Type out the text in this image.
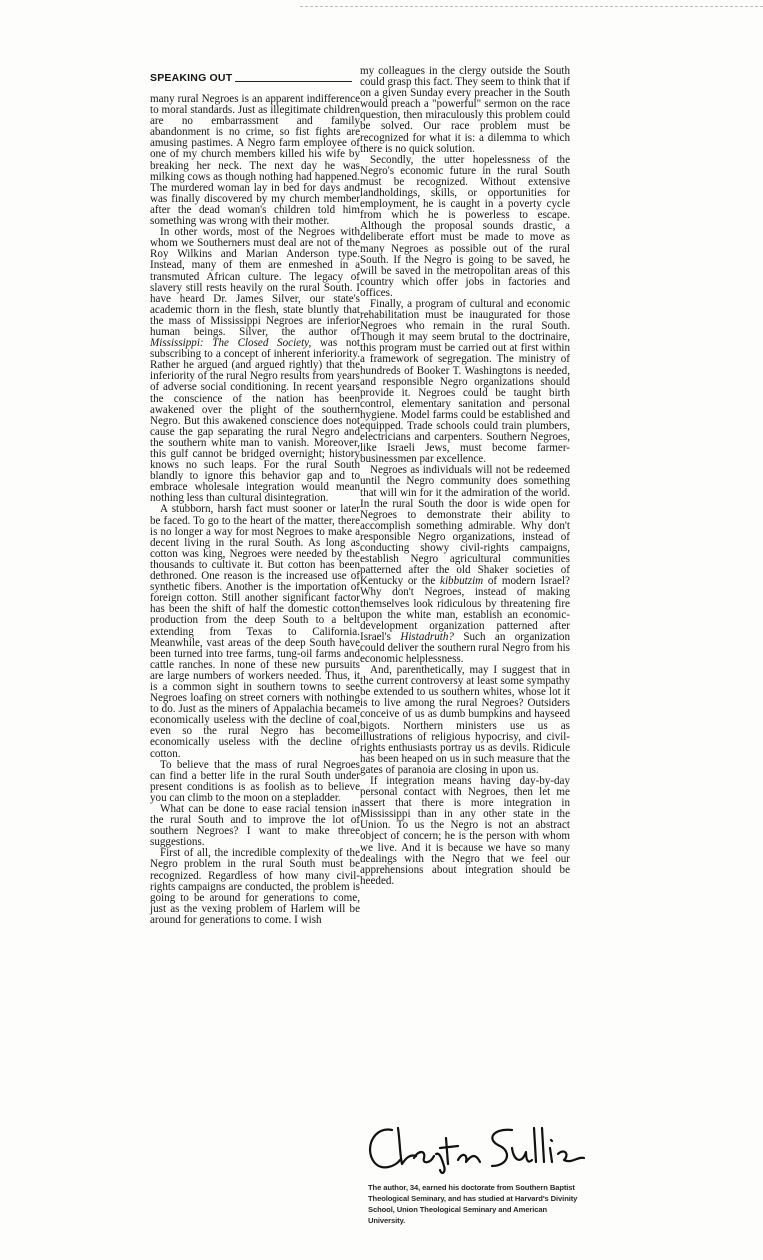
SPEAKING OUT

many rural Negroes is an apparent indifference to moral standards. Just as illegitimate children are no embarrassment and family abandonment is no crime, so fist fights are amusing pastimes. A Negro farm employee of one of my church members killed his wife by breaking her neck. The next day he was milking cows as though nothing had happened. The murdered woman lay in bed for days and was finally discovered by my church member after the dead woman's children told him something was wrong with their mother.

In other words, most of the Negroes with whom we Southerners must deal are not of the Roy Wilkins and Marian Anderson type. Instead, many of them are enmeshed in a transmuted African culture. The legacy of slavery still rests heavily on the rural South. I have heard Dr. James Silver, our state's academic thorn in the flesh, state bluntly that the mass of Mississippi Negroes are inferior human beings. Silver, the author of Mississippi: The Closed Society, was not subscribing to a concept of inherent inferiority. Rather he argued (and argued rightly) that the inferiority of the rural Negro results from years of adverse social conditioning. In recent years the conscience of the nation has been awakened over the plight of the southern Negro. But this awakened conscience does not cause the gap separating the rural Negro and the southern white man to vanish. Moreover, this gulf cannot be bridged overnight; history knows no such leaps. For the rural South blandly to ignore this behavior gap and to embrace wholesale integration would mean nothing less than cultural disintegration.

A stubborn, harsh fact must sooner or later be faced. To go to the heart of the matter, there is no longer a way for most Negroes to make a decent living in the rural South. As long as cotton was king, Negroes were needed by the thousands to cultivate it. But cotton has been dethroned. One reason is the increased use of synthetic fibers. Another is the importation of foreign cotton. Still another significant factor has been the shift of half the domestic cotton production from the deep South to a belt extending from Texas to California. Meanwhile, vast areas of the deep South have been turned into tree farms, tung-oil farms and cattle ranches. In none of these new pursuits are large numbers of workers needed. Thus, it is a common sight in southern towns to see Negroes loafing on street corners with nothing to do. Just as the miners of Appalachia became economically useless with the decline of coal, even so the rural Negro has become economically useless with the decline of cotton.

To believe that the mass of rural Negroes can find a better life in the rural South under present conditions is as foolish as to believe you can climb to the moon on a stepladder.

What can be done to ease racial tension in the rural South and to improve the lot of southern Negroes? I want to make three suggestions.

First of all, the incredible complexity of the Negro problem in the rural South must be recognized. Regardless of how many civil-rights campaigns are conducted, the problem is going to be around for generations to come, just as the vexing problem of Harlem will be around for generations to come. I wish

my colleagues in the clergy outside the South could grasp this fact. They seem to think that if on a given Sunday every preacher in the South would preach a "powerful" sermon on the race question, then miraculously this problem could be solved. Our race problem must be recognized for what it is: a dilemma to which there is no quick solution.

Secondly, the utter hopelessness of the Negro's economic future in the rural South must be recognized. Without extensive landholdings, skills, or opportunities for employment, he is caught in a poverty cycle from which he is powerless to escape. Although the proposal sounds drastic, a deliberate effort must be made to move as many Negroes as possible out of the rural South. If the Negro is going to be saved, he will be saved in the metropolitan areas of this country which offer jobs in factories and offices.

Finally, a program of cultural and economic rehabilitation must be inaugurated for those Negroes who remain in the rural South. Though it may seem brutal to the doctrinaire, this program must be carried out at first within a framework of segregation. The ministry of hundreds of Booker T. Washingtons is needed, and responsible Negro organizations should provide it. Negroes could be taught birth control, elementary sanitation and personal hygiene. Model farms could be established and equipped. Trade schools could train plumbers, electricians and carpenters. Southern Negroes, like Israeli Jews, must become farmer-businessmen par excellence.

Negroes as individuals will not be redeemed until the Negro community does something that will win for it the admiration of the world. In the rural South the door is wide open for Negroes to demonstrate their ability to accomplish something admirable. Why don't responsible Negro organizations, instead of conducting showy civil-rights campaigns, establish Negro agricultural communities patterned after the old Shaker societies of Kentucky or the kibbutzim of modern Israel? Why don't Negroes, instead of making themselves look ridiculous by threatening fire upon the white man, establish an economic-development organization patterned after Israel's Histadruth? Such an organization could deliver the southern rural Negro from his economic helplessness.

And, parenthetically, may I suggest that in the current controversy at least some sympathy be extended to us southern whites, whose lot it is to live among the rural Negroes? Outsiders conceive of us as dumb bumpkins and hayseed bigots. Northern ministers use us as illustrations of religious hypocrisy, and civil-rights enthusiasts portray us as devils. Ridicule has been heaped on us in such measure that the gates of paranoia are closing in upon us.

If integration means having day-by-day personal contact with Negroes, then let me assert that there is more integration in Mississippi than in any other state in the Union. To us the Negro is not an abstract object of concern; he is the person with whom we live. And it is because we have so many dealings with the Negro that we feel our apprehensions about integration should be heeded.

The author, 34, earned his doctorate from Southern Baptist Theological Seminary, and has studied at Harvard's Divinity School, Union Theological Seminary and American University.
